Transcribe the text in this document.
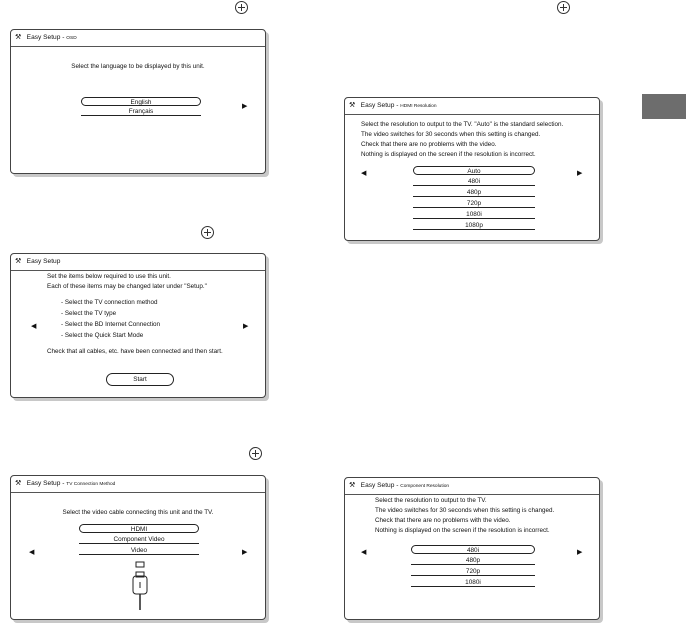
⚒ Easy Setup - OSD
Select the language to be displayed by this unit.
English
Français
▶
⚒ Easy Setup
Set the items below required to use this unit.
Each of these items may be changed later under "Setup."
- Select the TV connection method
- Select the TV type
- Select the BD Internet Connection
- Select the Quick Start Mode
Check that all cables, etc. have been connected and then start.
Start
◀	▶
⚒ Easy Setup - TV Connection Method
Select the video cable connecting this unit and the TV.
HDMI
Component Video
Video
◀	▶
⚒ Easy Setup - HDMI Resolution
Select the resolution to output to the TV. "Auto" is the standard selection.
The video switches for 30 seconds when this setting is changed.
Check that there are no problems with the video.
Nothing is displayed on the screen if the resolution is incorrect.
Auto
480i
480p
720p
1080i
1080p
◀	▶
⚒ Easy Setup - Component Resolution
Select the resolution to output to the TV.
The video switches for 30 seconds when this setting is changed.
Check that there are no problems with the video.
Nothing is displayed on the screen if the resolution is incorrect.
480i
480p
720p
1080i
◀	▶
